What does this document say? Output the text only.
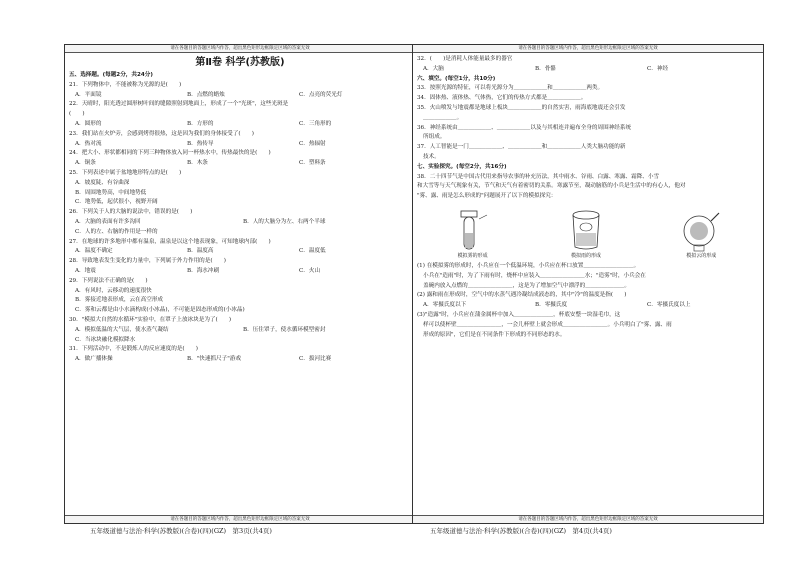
请在各题目的答题区域内作答，超出黑色矩形边框限定区域的答案无效
第Ⅱ卷 科学(苏教版)
五、选择题。(每题2分，共24分)
21．下列物体中，不能被称为光源的是(　　)
A．平面镜	B．点燃的蜡烛	C．点亮的荧光灯
22．天晴时，阳光透过圆形树叶间的缝隙照射到地面上，形成了一个"光斑"，这些光斑是
(　　)
A．圆形的	B．方形的	C．三角形的
23．我们站在火炉旁，会感到烤得很热，这是因为我们的身体接受了(　　)
A．热对流	B．热传导	C．热辐射
24．把大小、形状都相同的下列三种物体放入同一杯热水中，传热最快的是(　　)
A．铜条	B．木条	C．塑料条
25．下列表述中属于盆地地形特点的是(　　)
A．坡度陡、有谷曲深
B．周围地势高，中间地势低
C．地势低，起伏很小，视野开阔
26．下列关于人的大脑的说法中，错误的是(　　)
A．大脑的表面有许多沟回	B．人的大脑分为左、右两个半球
C．人的左、右脑的作用是一样的
27．在地球的许多地形中都有温泉，温泉是以这个地表现象，可知地球内部(　　)
A．温度不确定	B．温度高	C．温度低
28．导致地表发生变化的力量中，下列属于外力作用的是(　　)
A．地震	B．海水冲刷	C．火山
29．下列说法不正确的是(　　)
A．有风时，云移动的速度很快
B．雾接近地表形成，云在高空形成
C．雾和云都是由小水滴构成(小冰晶)，不可能是固态形成的(小冰晶)
30．"模拟大自然的水循环"实验中，在罩子上放冰块是为了(　　)
A．模拟低温的大气层，使水蒸气凝结	B．压住罩子，使水循环模型密封
C．当冰块融化模拟降水
31．下列活动中，不是锻炼人的反应速度的是(　　)
A．做广播体操	B．"快速抓尺子"游戏	C．拔河比赛
请在各题目的答题区域内作答，超出黑色矩形边框限定区域的答案无效
请在各题目的答题区域内作答，超出黑色矩形边框限定区域的答案无效
32．(　　)是消耗人体能量最多的器官
A．大脑	B．骨骼	C．神经
六、填空。(每空1分，共10分)
33．按照光源的特征，可以将光源分为＿＿＿＿＿＿和＿＿＿＿＿＿两类。
34．固体热、液体热、气体热，它们的传热方式都是＿＿＿＿＿＿。
35．火山喷发与地震都是地球上板块＿＿＿＿＿＿的自然实害，雨海底地震还会引发
＿＿＿＿＿＿。
36．神经系统由＿＿＿＿＿＿、＿＿＿＿＿＿以及与其相连并遍布全身的周围神经系统
所组成。
37．人工智能是一门＿＿＿＿＿＿、＿＿＿＿＿＿和＿＿＿＿＿＿人类大脑功能的新
技术。
七、实验探究。(每空2分，共16分)
38．二十四节气是中国古代用来指导农事的补充历法，其中雨水、谷雨、白露、寒露、霜降、小雪
和大雪等与天气现象有关，节气和天气有着密切的关系。寒露节至，凝动脑筋的小兵是生活中的有心人，他对
"雾、露、雨是怎么形成的"问题展开了以下的模拟探究：
模拟雾的形成	模拟雨的形成	模拟云的形成
(1) 在模拟雾的形成时，小兵应在一个低温环境，小兵应在杯口放置＿＿＿＿＿＿＿＿＿。
小兵在"造雨"时，为了下雨有时，烧杯中应装入＿＿＿＿＿＿＿＿水；"造雾"时，小兵会在
盖碗内放入点燃的＿＿＿＿＿＿＿＿，这是为了增加空气中漂浮的＿＿＿＿＿＿＿。
(2) 露和雨在形成时，空气中的水蒸气遇冷凝结成液态的，其中"冷"的温度是指(　　)
A．零摄氏度以下	B．零摄氏度	C．零摄氏度以上
(3)"造露"时，小兵应在蒲金属杯中加入＿＿＿＿＿＿＿，杯底安整一块湿毛巾，这
样可以使杯壁＿＿＿＿＿＿＿＿，一会儿杯壁上就会形成＿＿＿＿＿＿＿＿。小兵明白了"雾、露、雨
形成的原因"，它们是在不同条件下形成的不同形态的水。
请在各题目的答题区域内作答，超出黑色矩形边框限定区域的答案无效
五年级道德与法治·科学(苏教版)(合卷)(四)(GZ)　第3页(共4页)	五年级道德与法治·科学(苏教版)(合卷)(四)(GZ)　第4页(共4页)
